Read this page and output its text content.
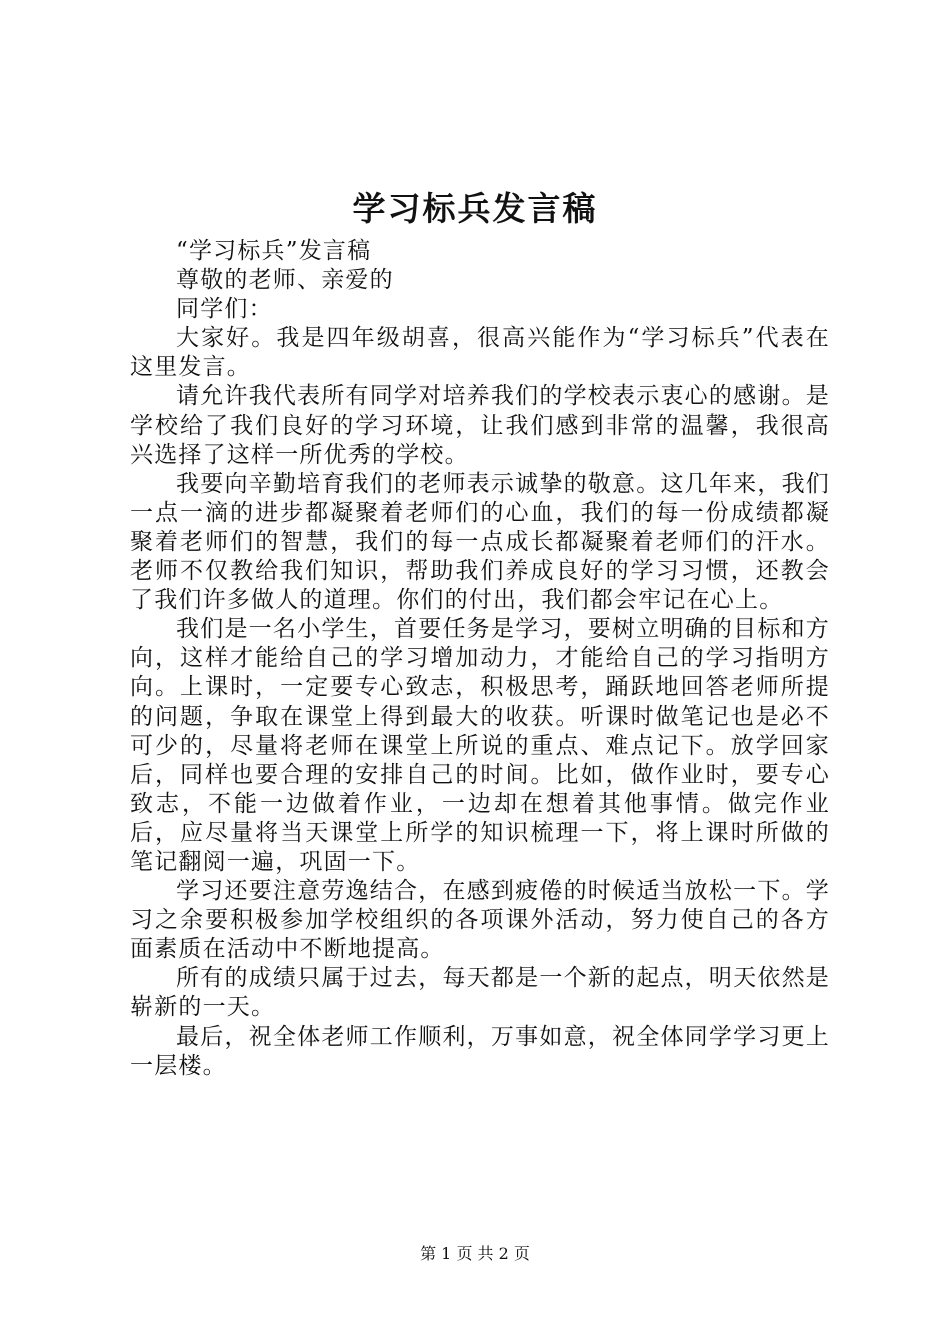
学习标兵发言稿

“学习标兵”发言稿

尊敬的老师、亲爱的

同学们：

大家好。我是四年级胡喜，很高兴能作为“学习标兵”代表在这里发言。

请允许我代表所有同学对培养我们的学校表示衷心的感谢。是学校给了我们良好的学习环境，让我们感到非常的温馨，我很高兴选择了这样一所优秀的学校。

我要向辛勤培育我们的老师表示诚挚的敬意。这几年来，我们一点一滴的进步都凝聚着老师们的心血，我们的每一份成绩都凝聚着老师们的智慧，我们的每一点成长都凝聚着老师们的汗水。老师不仅教给我们知识，帮助我们养成良好的学习习惯，还教会了我们许多做人的道理。你们的付出，我们都会牢记在心上。

我们是一名小学生，首要任务是学习，要树立明确的目标和方向，这样才能给自己的学习增加动力，才能给自己的学习指明方向。上课时，一定要专心致志，积极思考，踊跃地回答老师所提的问题，争取在课堂上得到最大的收获。听课时做笔记也是必不可少的，尽量将老师在课堂上所说的重点、难点记下。放学回家后，同样也要合理的安排自己的时间。比如，做作业时，要专心致志，不能一边做着作业，一边却在想着其他事情。做完作业后，应尽量将当天课堂上所学的知识梳理一下，将上课时所做的笔记翻阅一遍，巩固一下。

学习还要注意劳逸结合，在感到疲倦的时候适当放松一下。学习之余要积极参加学校组织的各项课外活动，努力使自己的各方面素质在活动中不断地提高。

所有的成绩只属于过去，每天都是一个新的起点，明天依然是崭新的一天。

最后，祝全体老师工作顺利，万事如意，祝全体同学学习更上一层楼。

第 1 页 共 2 页
